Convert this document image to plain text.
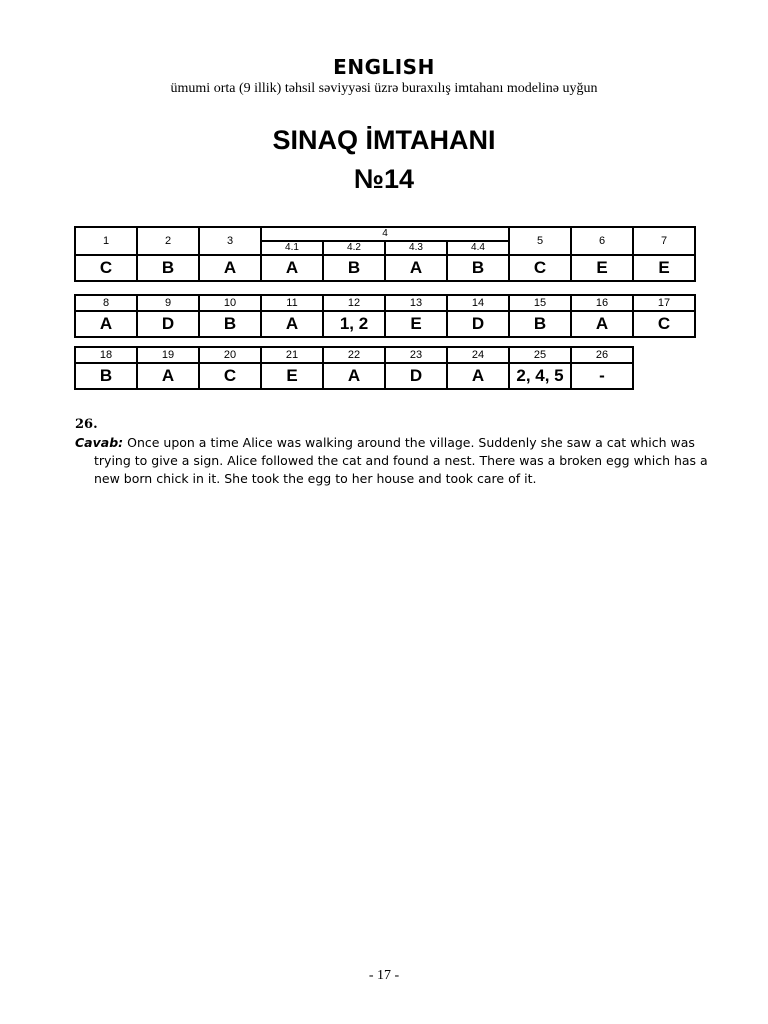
ENGLISH
ümumi orta (9 illik) təhsil səviyyəsi üzrə buraxılış imtahanı modelinə uyğun
SINAQ İMTAHANI
№14
1	2	3	4				5	6	7
			4.1	4.2	4.3	4.4			
C	B	A	A	B	A	B	C	E	E
8	9	10	11	12	13	14	15	16	17
A	D	B	A	1, 2	E	D	B	A	C
18	19	20	21	22	23	24	25	26
B	A	C	E	A	D	A	2, 4, 5	-
26.
Cavab: Once upon a time Alice was walking around the village. Suddenly she saw a cat which was trying to give a sign. Alice followed the cat and found a nest. There was a broken egg which has a new born chick in it. She took the egg to her house and took care of it.
- 17 -
